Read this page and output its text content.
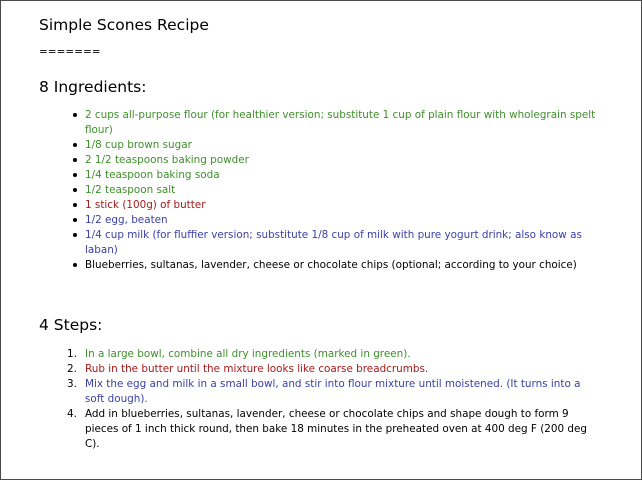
Simple Scones Recipe
=======
8 Ingredients:
2 cups all-purpose flour (for healthier version; substitute 1 cup of plain flour with wholegrain spelt flour)
1/8 cup brown sugar
2 1/2 teaspoons baking powder
1/4 teaspoon baking soda
1/2 teaspoon salt
1 stick (100g) of butter
1/2 egg, beaten
1/4 cup milk (for fluffier version; substitute 1/8 cup of milk with pure yogurt drink; also know as laban)
Blueberries, sultanas, lavender, cheese or chocolate chips (optional; according to your choice)
4 Steps:
1. In a large bowl, combine all dry ingredients (marked in green).
2. Rub in the butter until the mixture looks like coarse breadcrumbs.
3. Mix the egg and milk in a small bowl, and stir into flour mixture until moistened. (It turns into a soft dough).
4. Add in blueberries, sultanas, lavender, cheese or chocolate chips and shape dough to form 9 pieces of 1 inch thick round, then bake 18 minutes in the preheated oven at 400 deg F (200 deg C).
